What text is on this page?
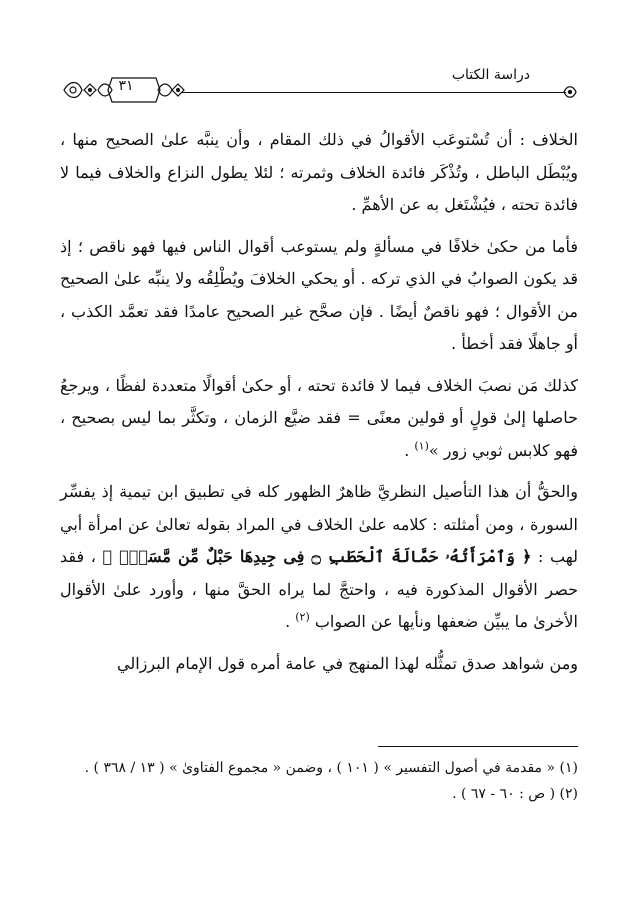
دراسة الكتاب
٣١

الخلاف : أن تُسْتوعَب الأقوالُ في ذلك المقام ، وأن ينبَّه علىٰ الصحيح منها ، ويُبْطَل الباطل ، وتُذْكَر فائدة الخلاف وثمرته ؛ لئلا يطول النزاع والخلاف فيما لا فائدة تحته ، فيُشْتَغل به عن الأهمِّ .

فأما من حكىٰ خلافًا في مسألةٍ ولم يستوعب أقوال الناس فيها فهو ناقص ؛ إذ قد يكون الصوابُ في الذي تركه . أو يحكي الخلافَ ويُطْلِقُه ولا ينبِّه علىٰ الصحيح من الأقوال ؛ فهو ناقصٌ أيضًا . فإن صحَّح غير الصحيح عامدًا فقد تعمَّد الكذب ، أو جاهلًا فقد أخطأ .

كذلك مَن نصبَ الخلاف فيما لا فائدة تحته ، أو حكىٰ أقوالًا متعددة لفظًا ، ويرجعُ حاصلها إلىٰ قولٍ أو قولين معنًى = فقد ضيَّع الزمان ، وتكثَّر بما ليس بصحيح ، فهو كلابس ثوبي زور »$^{(١)}$ .

والحقُّ أن هذا التأصيل النظريَّ ظاهرٌ الظهور كله في تطبيق ابن تيمية إذ يفسِّر السورة ، ومن أمثلته : كلامه علىٰ الخلاف في المراد بقوله تعالىٰ عن امرأة أبي لهب : ﴿ وَٱمْرَأَتُهُۥ حَمَّالَةَ ٱلْحَطَبِ ۝ فِى جِيدِهَا حَبْلٌ مِّن مَّسَدٍۭ ﴾ ، فقد حصر الأقوال المذكورة فيه ، واحتجَّ لما يراه الحقَّ منها ، وأورد علىٰ الأقوال الأخرىٰ ما يبيِّن ضعفها ونأيها عن الصواب $^{(٢)}$ .

ومن شواهد صدق تمثُّله لهذا المنهج في عامة أمره قول الإمام البرزالي

(١) « مقدمة في أصول التفسير » ( ١٠١ ) ، وضمن « مجموع الفتاوىٰ » ( ١٣ / ٣٦٨ ) .

(٢) ( ص : ٦٠ - ٦٧ ) .
